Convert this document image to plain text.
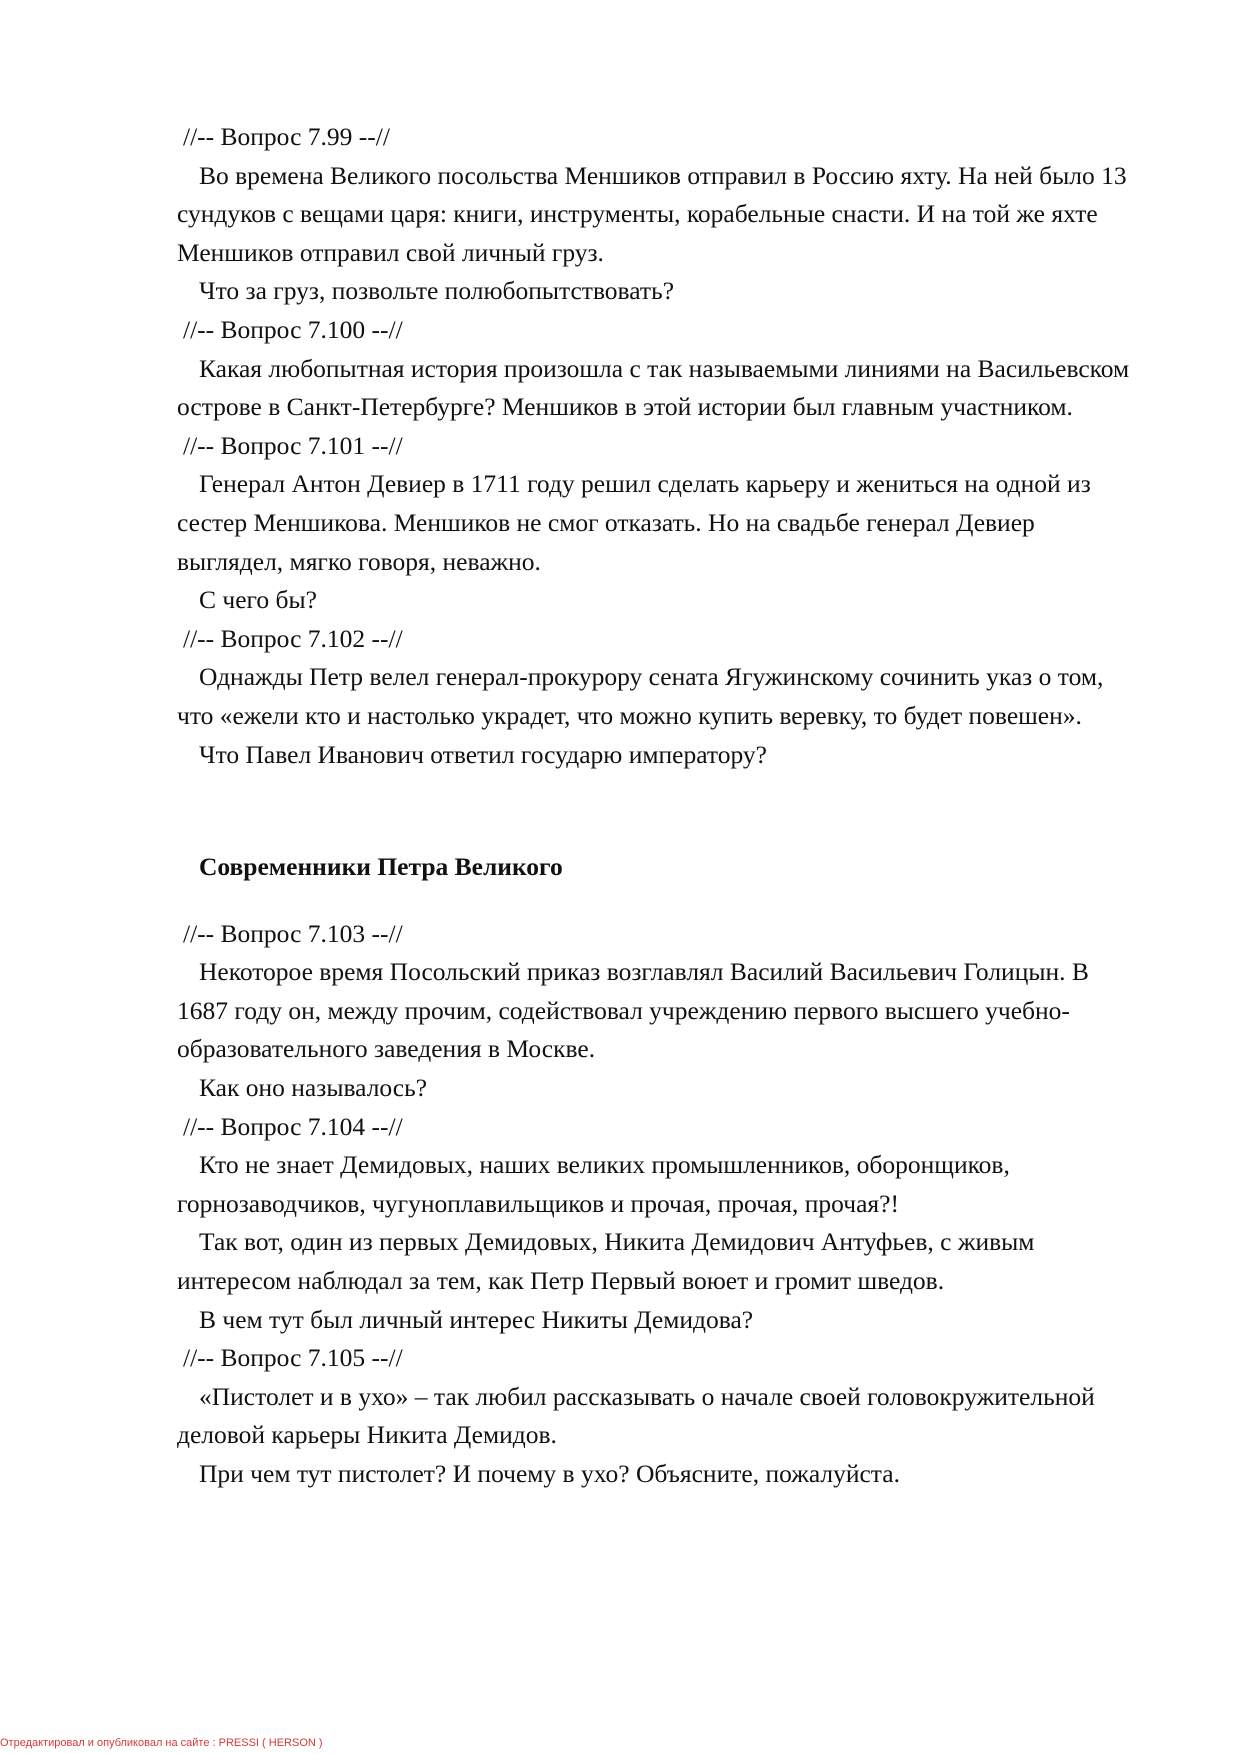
//-- Вопрос 7.99 --//

Во времена Великого посольства Меншиков отправил в Россию яхту. На ней было 13 сундуков с вещами царя: книги, инструменты, корабельные снасти. И на той же яхте Меншиков отправил свой личный груз.

Что за груз, позвольте полюбопытствовать?

//-- Вопрос 7.100 --//

Какая любопытная история произошла с так называемыми линиями на Васильевском острове в Санкт-Петербурге? Меншиков в этой истории был главным участником.

//-- Вопрос 7.101 --//

Генерал Антон Девиер в 1711 году решил сделать карьеру и жениться на одной из сестер Меншикова. Меншиков не смог отказать. Но на свадьбе генерал Девиер выглядел, мягко говоря, неважно.

С чего бы?

//-- Вопрос 7.102 --//

Однажды Петр велел генерал-прокурору сената Ягужинскому сочинить указ о том, что «ежели кто и настолько украдет, что можно купить веревку, то будет повешен».

Что Павел Иванович ответил государю императору?

Современники Петра Великого
//-- Вопрос 7.103 --//

Некоторое время Посольский приказ возглавлял Василий Васильевич Голицын. В 1687 году он, между прочим, содействовал учреждению первого высшего учебно-образовательного заведения в Москве.

Как оно называлось?

//-- Вопрос 7.104 --//

Кто не знает Демидовых, наших великих промышленников, оборонщиков, горнозаводчиков, чугуноплавильщиков и прочая, прочая, прочая?!

Так вот, один из первых Демидовых, Никита Демидович Антуфьев, с живым интересом наблюдал за тем, как Петр Первый воюет и громит шведов.

В чем тут был личный интерес Никиты Демидова?

//-- Вопрос 7.105 --//

«Пистолет и в ухо» – так любил рассказывать о начале своей головокружительной деловой карьеры Никита Демидов.

При чем тут пистолет? И почему в ухо? Объясните, пожалуйста.

Отредактировал и опубликовал на сайте : PRESSI ( HERSON )
